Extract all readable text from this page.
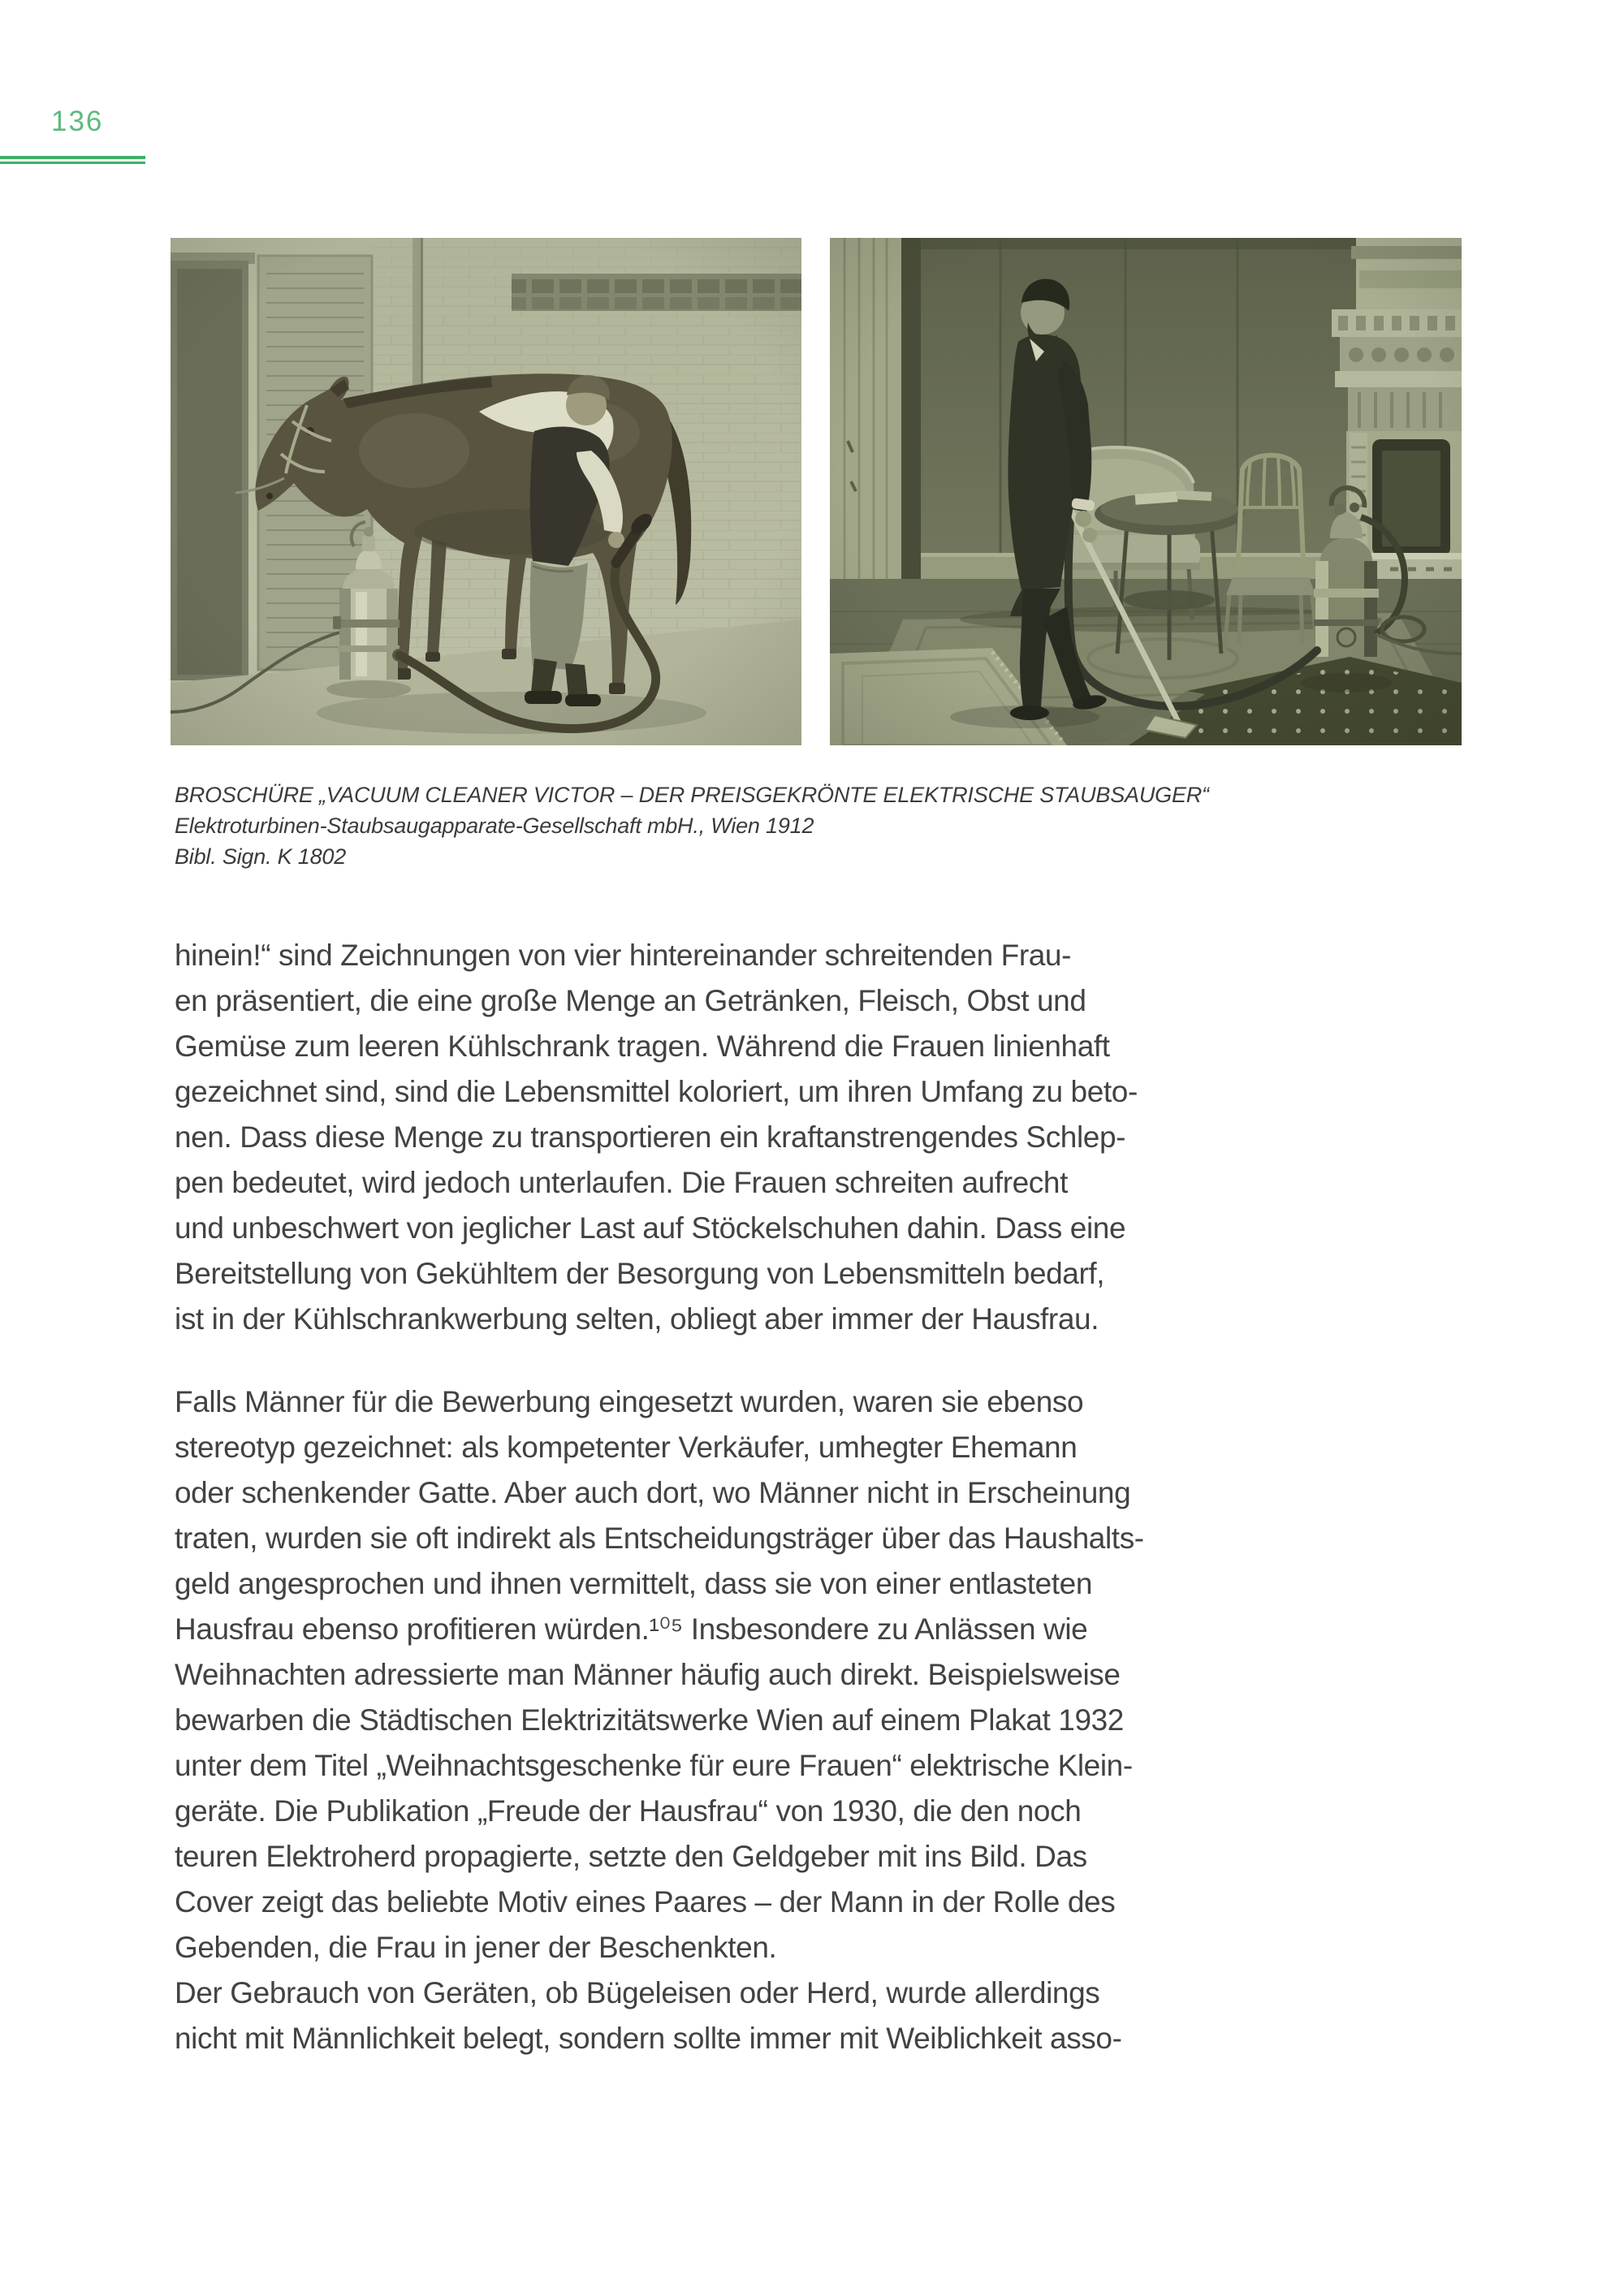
136
BROSCHÜRE „VACUUM CLEANER VICTOR – DER PREISGEKRÖNTE ELEKTRISCHE STAUBSAUGER“
Elektroturbinen-Staubsaugapparate-Gesellschaft mbH., Wien 1912
Bibl. Sign. K 1802
hinein!“ sind Zeichnungen von vier hintereinander schreitenden Frau-
en präsentiert, die eine große Menge an Getränken, Fleisch, Obst und
Gemüse zum leeren Kühlschrank tragen. Während die Frauen linienhaft
gezeichnet sind, sind die Lebensmittel koloriert, um ihren Umfang zu beto-
nen. Dass diese Menge zu transportieren ein kraftanstrengendes Schlep-
pen bedeutet, wird jedoch unterlaufen. Die Frauen schreiten aufrecht
und unbeschwert von jeglicher Last auf Stöckelschuhen dahin. Dass eine
Bereitstellung von Gekühltem der Besorgung von Lebensmitteln bedarf,
ist in der Kühlschrankwerbung selten, obliegt aber immer der Hausfrau.
Falls Männer für die Bewerbung eingesetzt wurden, waren sie ebenso
stereotyp gezeichnet: als kompetenter Verkäufer, umhegter Ehemann
oder schenkender Gatte. Aber auch dort, wo Männer nicht in Erscheinung
traten, wurden sie oft indirekt als Entscheidungsträger über das Haushalts-
geld angesprochen und ihnen vermittelt, dass sie von einer entlasteten
Hausfrau ebenso profitieren würden.¹⁰⁵ Insbesondere zu Anlässen wie
Weihnachten adressierte man Männer häufig auch direkt. Beispielsweise
bewarben die Städtischen Elektrizitätswerke Wien auf einem Plakat 1932
unter dem Titel „Weihnachtsgeschenke für eure Frauen“ elektrische Klein-
geräte. Die Publikation „Freude der Hausfrau“ von 1930, die den noch
teuren Elektroherd propagierte, setzte den Geldgeber mit ins Bild. Das
Cover zeigt das beliebte Motiv eines Paares – der Mann in der Rolle des
Gebenden, die Frau in jener der Beschenkten.
Der Gebrauch von Geräten, ob Bügeleisen oder Herd, wurde allerdings
nicht mit Männlichkeit belegt, sondern sollte immer mit Weiblichkeit asso-
